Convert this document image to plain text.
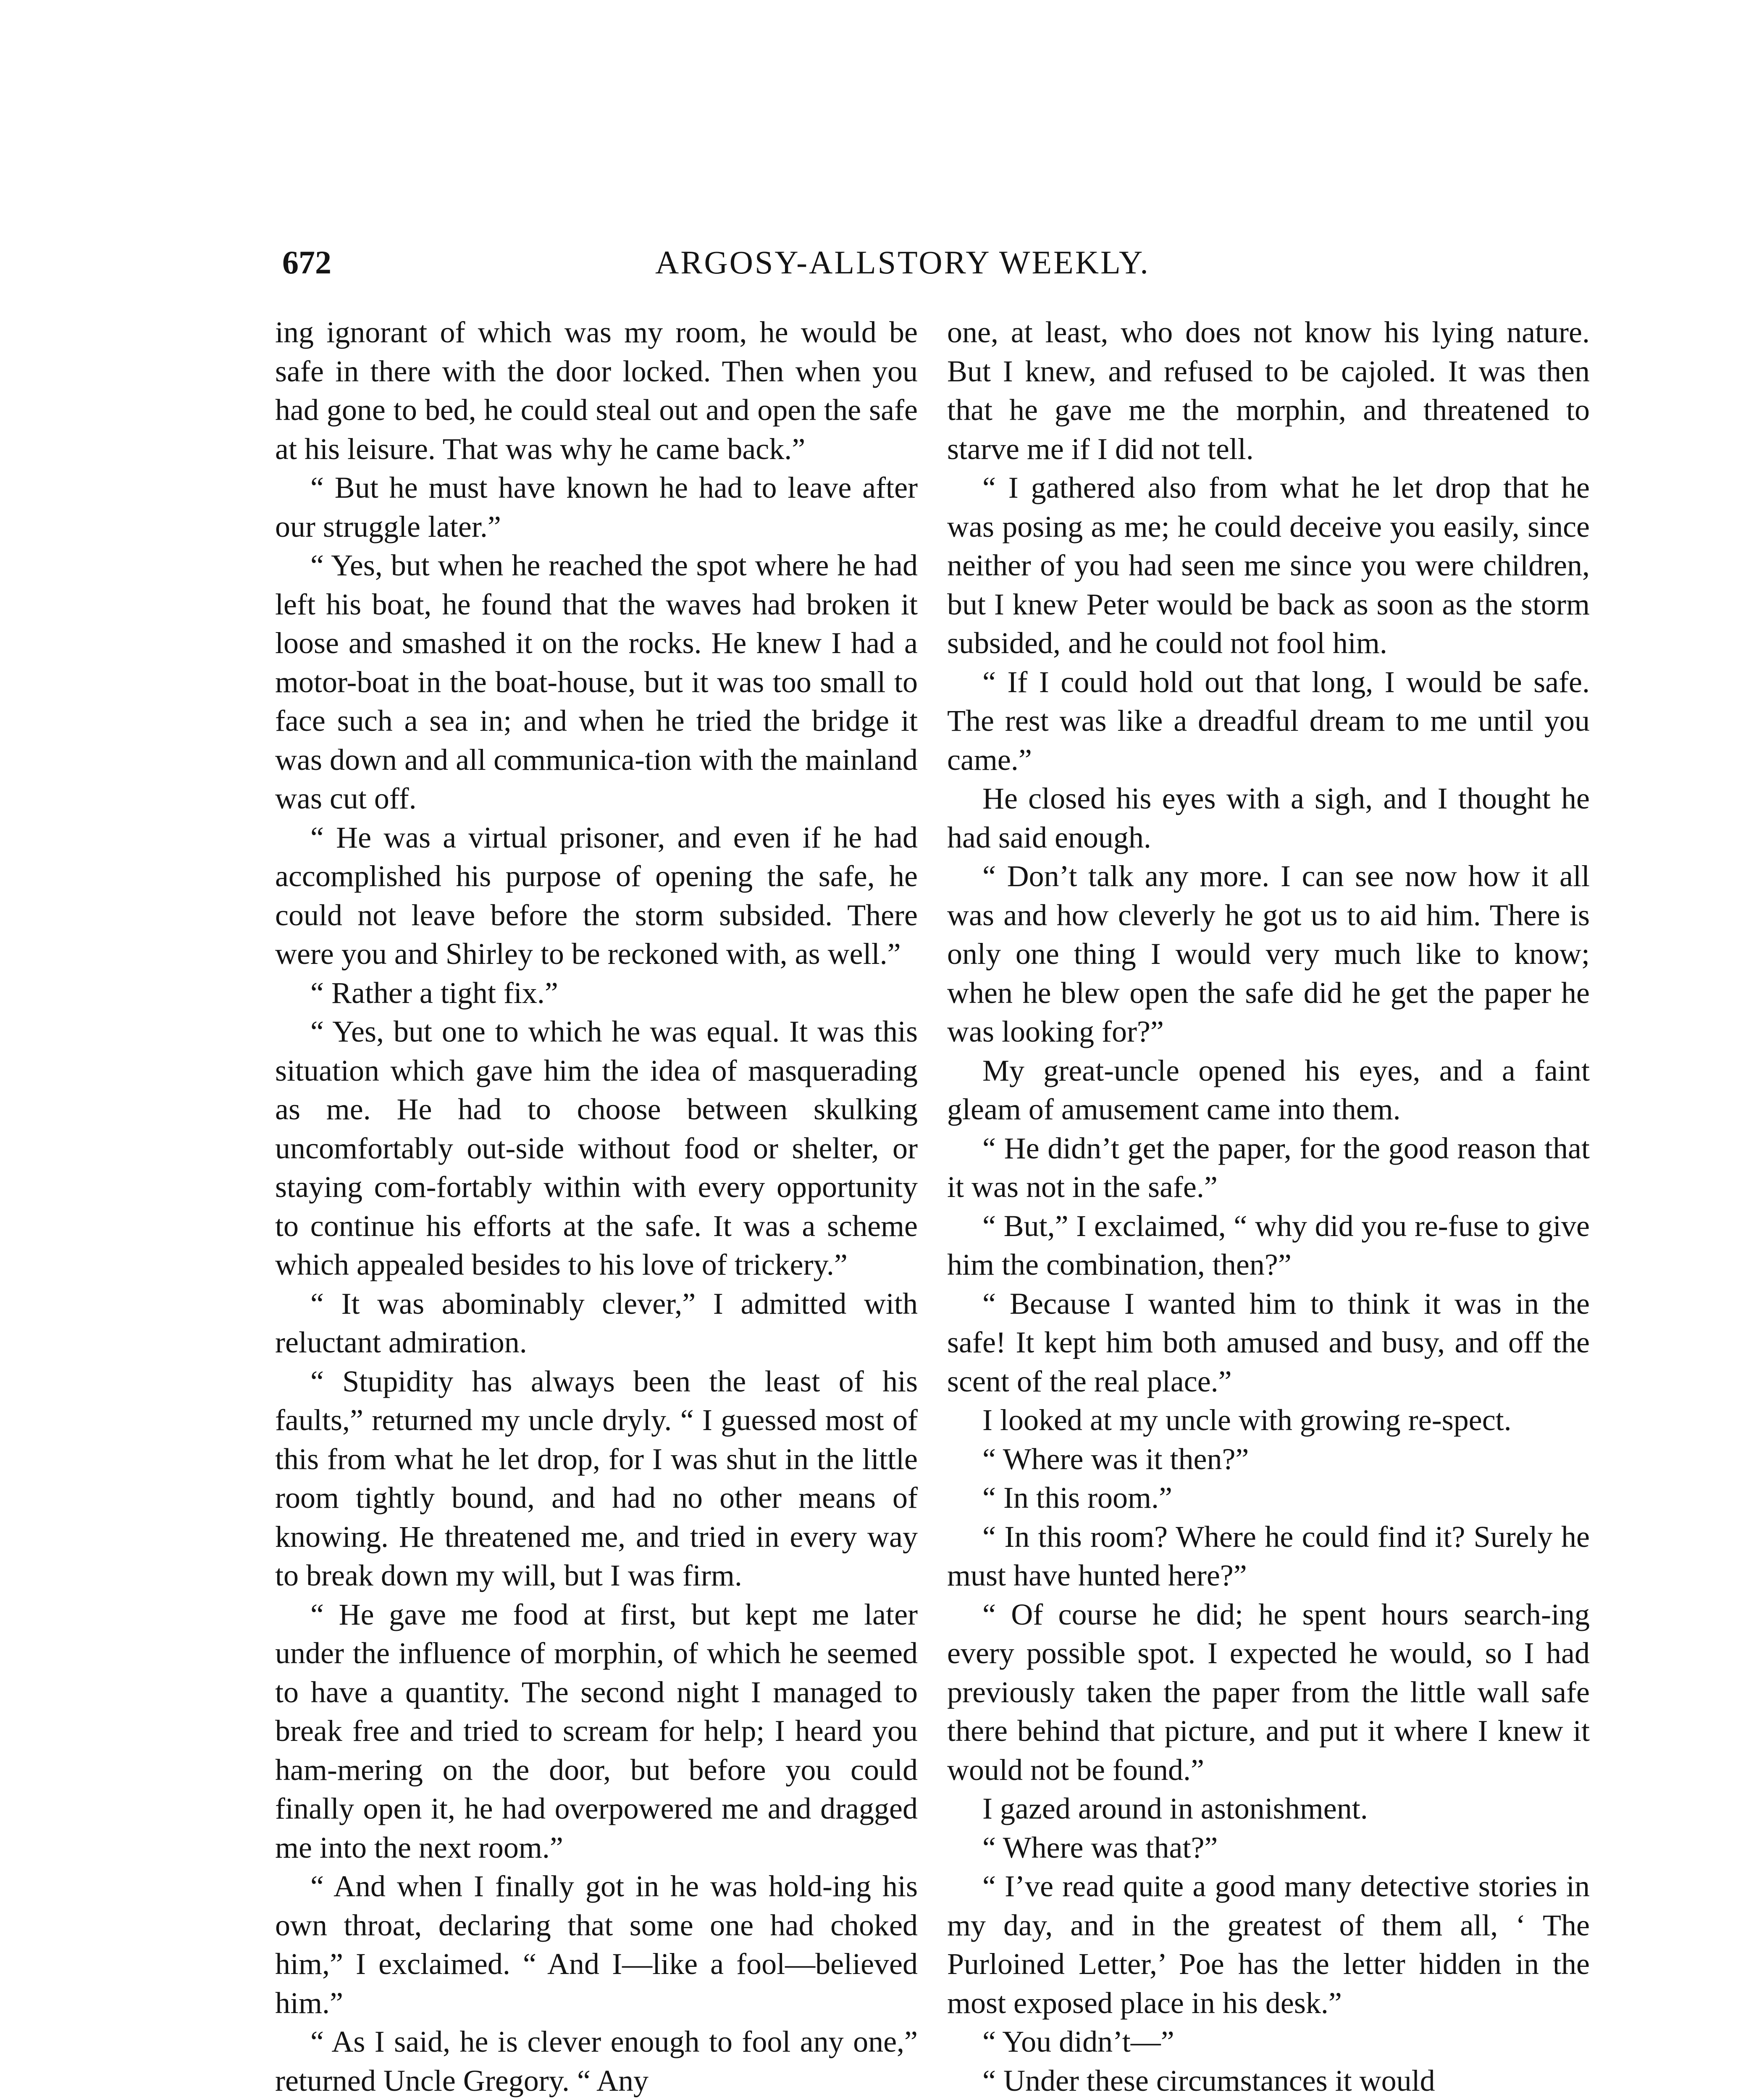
672	ARGOSY-ALLSTORY WEEKLY.

ing ignorant of which was my room, he would be safe in there with the door locked. Then when you had gone to bed, he could steal out and open the safe at his leisure. That was why he came back.”

“ But he must have known he had to leave after our struggle later.”

“ Yes, but when he reached the spot where he had left his boat, he found that the waves had broken it loose and smashed it on the rocks. He knew I had a motor-boat in the boat-house, but it was too small to face such a sea in; and when he tried the bridge it was down and all communica-tion with the mainland was cut off.

“ He was a virtual prisoner, and even if he had accomplished his purpose of opening the safe, he could not leave before the storm subsided. There were you and Shirley to be reckoned with, as well.”

“ Rather a tight fix.”

“ Yes, but one to which he was equal. It was this situation which gave him the idea of masquerading as me. He had to choose between skulking uncomfortably out-side without food or shelter, or staying com-fortably within with every opportunity to continue his efforts at the safe. It was a scheme which appealed besides to his love of trickery.”

“ It was abominably clever,” I admitted with reluctant admiration.

“ Stupidity has always been the least of his faults,” returned my uncle dryly. “ I guessed most of this from what he let drop, for I was shut in the little room tightly bound, and had no other means of knowing. He threatened me, and tried in every way to break down my will, but I was firm.

“ He gave me food at first, but kept me later under the influence of morphin, of which he seemed to have a quantity. The second night I managed to break free and tried to scream for help; I heard you ham-mering on the door, but before you could finally open it, he had overpowered me and dragged me into the next room.”

“ And when I finally got in he was hold-ing his own throat, declaring that some one had choked him,” I exclaimed. “ And I—like a fool—believed him.”

“ As I said, he is clever enough to fool any one,” returned Uncle Gregory. “ Any

one, at least, who does not know his lying nature. But I knew, and refused to be cajoled. It was then that he gave me the morphin, and threatened to starve me if I did not tell.

“ I gathered also from what he let drop that he was posing as me; he could deceive you easily, since neither of you had seen me since you were children, but I knew Peter would be back as soon as the storm subsided, and he could not fool him.

“ If I could hold out that long, I would be safe. The rest was like a dreadful dream to me until you came.”

He closed his eyes with a sigh, and I thought he had said enough.

“ Don’t talk any more. I can see now how it all was and how cleverly he got us to aid him. There is only one thing I would very much like to know; when he blew open the safe did he get the paper he was looking for?”

My great-uncle opened his eyes, and a faint gleam of amusement came into them.

“ He didn’t get the paper, for the good reason that it was not in the safe.”

“ But,” I exclaimed, “ why did you re-fuse to give him the combination, then?”

“ Because I wanted him to think it was in the safe! It kept him both amused and busy, and off the scent of the real place.”

I looked at my uncle with growing re-spect.

“ Where was it then?”

“ In this room.”

“ In this room? Where he could find it? Surely he must have hunted here?”

“ Of course he did; he spent hours search-ing every possible spot. I expected he would, so I had previously taken the paper from the little wall safe there behind that picture, and put it where I knew it would not be found.”

I gazed around in astonishment.

“ Where was that?”

“ I’ve read quite a good many detective stories in my day, and in the greatest of them all, ‘ The Purloined Letter,’ Poe has the letter hidden in the most exposed place in his desk.”

“ You didn’t—”

“ Under these circumstances it would
